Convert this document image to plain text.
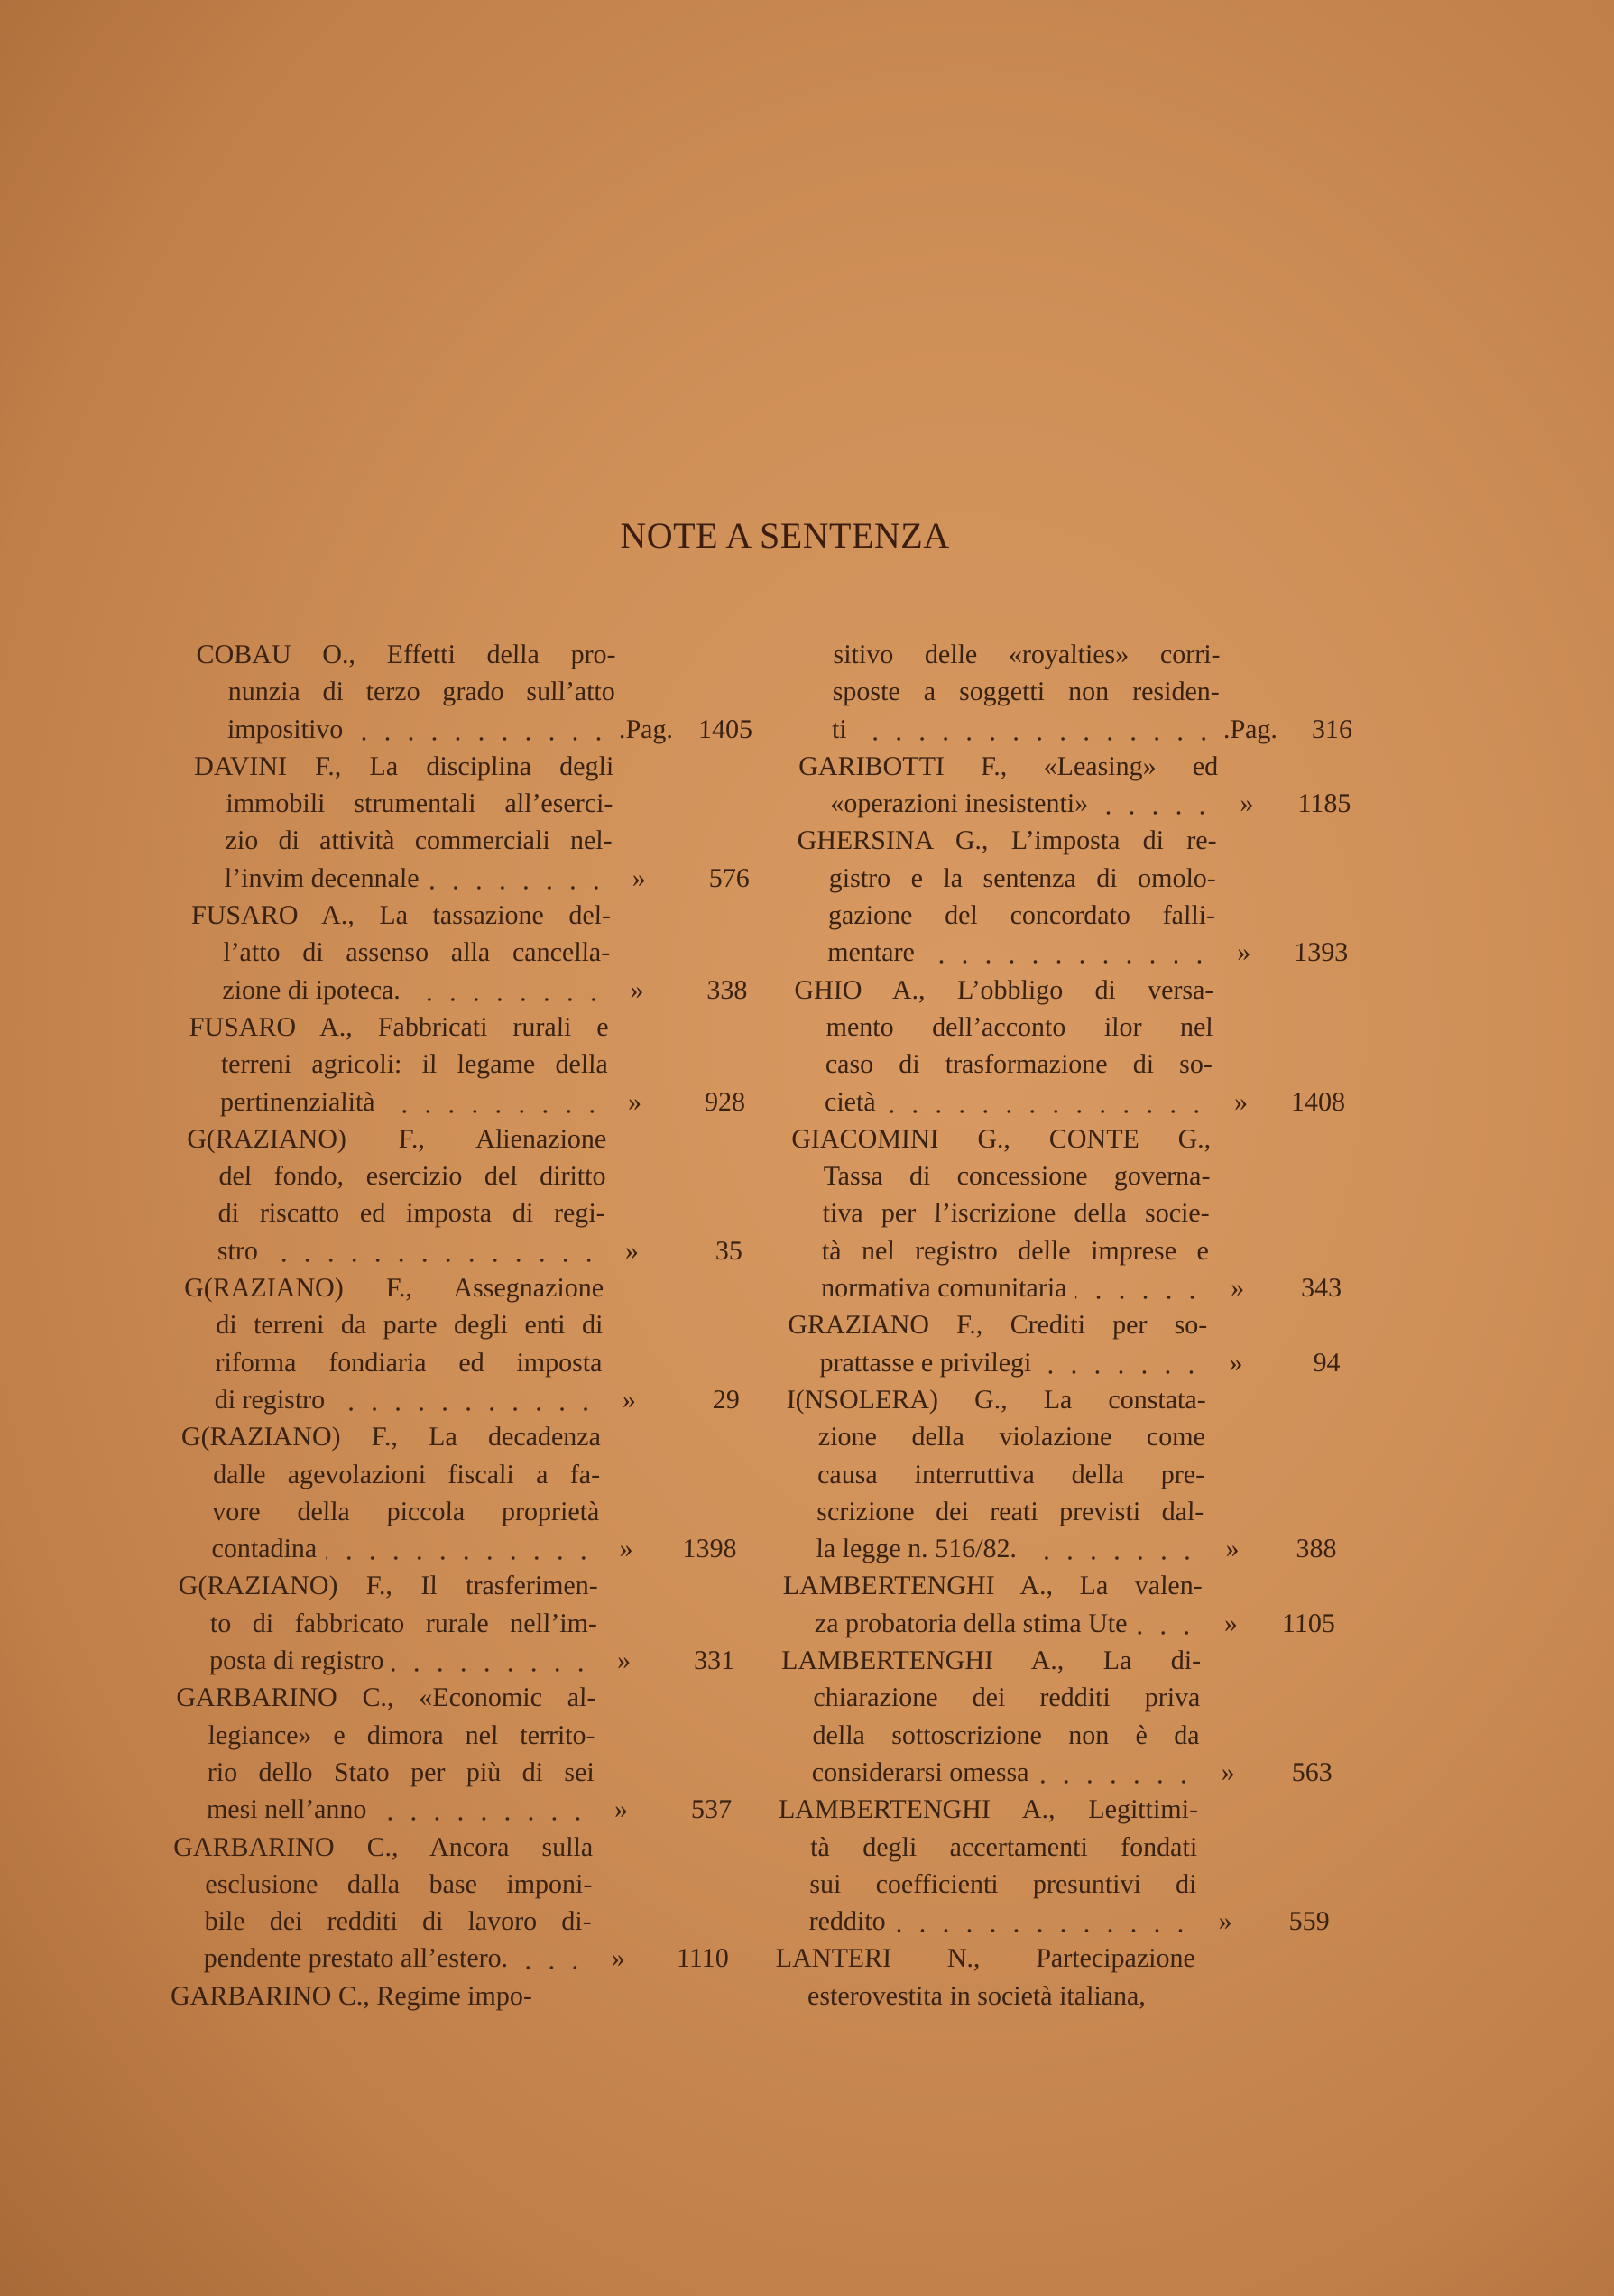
NOTE A SENTENZA
COBAU O., Effetti della pro-
nunzia di terzo grado sull’atto
impositivo	.Pag. 1405
DAVINI F., La disciplina degli
immobili strumentali all’eserci-
zio di attività commerciali nel-
l’invim decennale	»	576
FUSARO A., La tassazione del-
l’atto di assenso alla cancella-
zione di ipoteca.	»	338
FUSARO A., Fabbricati rurali e
terreni agricoli: il legame della
pertinenzialità	»	928
G(RAZIANO) F., Alienazione
del fondo, esercizio del diritto
di riscatto ed imposta di regi-
stro	»	35
G(RAZIANO) F., Assegnazione
di terreni da parte degli enti di
riforma fondiaria ed imposta
di registro	»	29
G(RAZIANO) F., La decadenza
dalle agevolazioni fiscali a fa-
vore della piccola proprietà
contadina	»	1398
G(RAZIANO) F., Il trasferimen-
to di fabbricato rurale nell’im-
posta di registro	»	331
GARBARINO C., «Economic al-
legiance» e dimora nel territo-
rio dello Stato per più di sei
mesi nell’anno	»	537
GARBARINO C., Ancora sulla
esclusione dalla base imponi-
bile dei redditi di lavoro di-
pendente prestato all’estero.	»	1110
GARBARINO C., Regime impo-
sitivo delle «royalties» corri-
sposte a soggetti non residen-
ti	.Pag.	316
GARIBOTTI F., «Leasing» ed
«operazioni inesistenti»	»	1185
GHERSINA G., L’imposta di re-
gistro e la sentenza di omolo-
gazione del concordato falli-
mentare	»	1393
GHIO A., L’obbligo di versa-
mento dell’acconto ilor nel
caso di trasformazione di so-
cietà	»	1408
GIACOMINI G., CONTE G.,
Tassa di concessione governa-
tiva per l’iscrizione della socie-
tà nel registro delle imprese e
normativa comunitaria	»	343
GRAZIANO F., Crediti per so-
prattasse e privilegi	»	94
I(NSOLERA) G., La constata-
zione della violazione come
causa interruttiva della pre-
scrizione dei reati previsti dal-
la legge n. 516/82.	»	388
LAMBERTENGHI A., La valen-
za probatoria della stima Ute	»	1105
LAMBERTENGHI A., La di-
chiarazione dei redditi priva
della sottoscrizione non è da
considerarsi omessa	»	563
LAMBERTENGHI A., Legittimi-
tà degli accertamenti fondati
sui coefficienti presuntivi di
reddito	»	559
LANTERI N., Partecipazione
esterovestita in società italiana,
